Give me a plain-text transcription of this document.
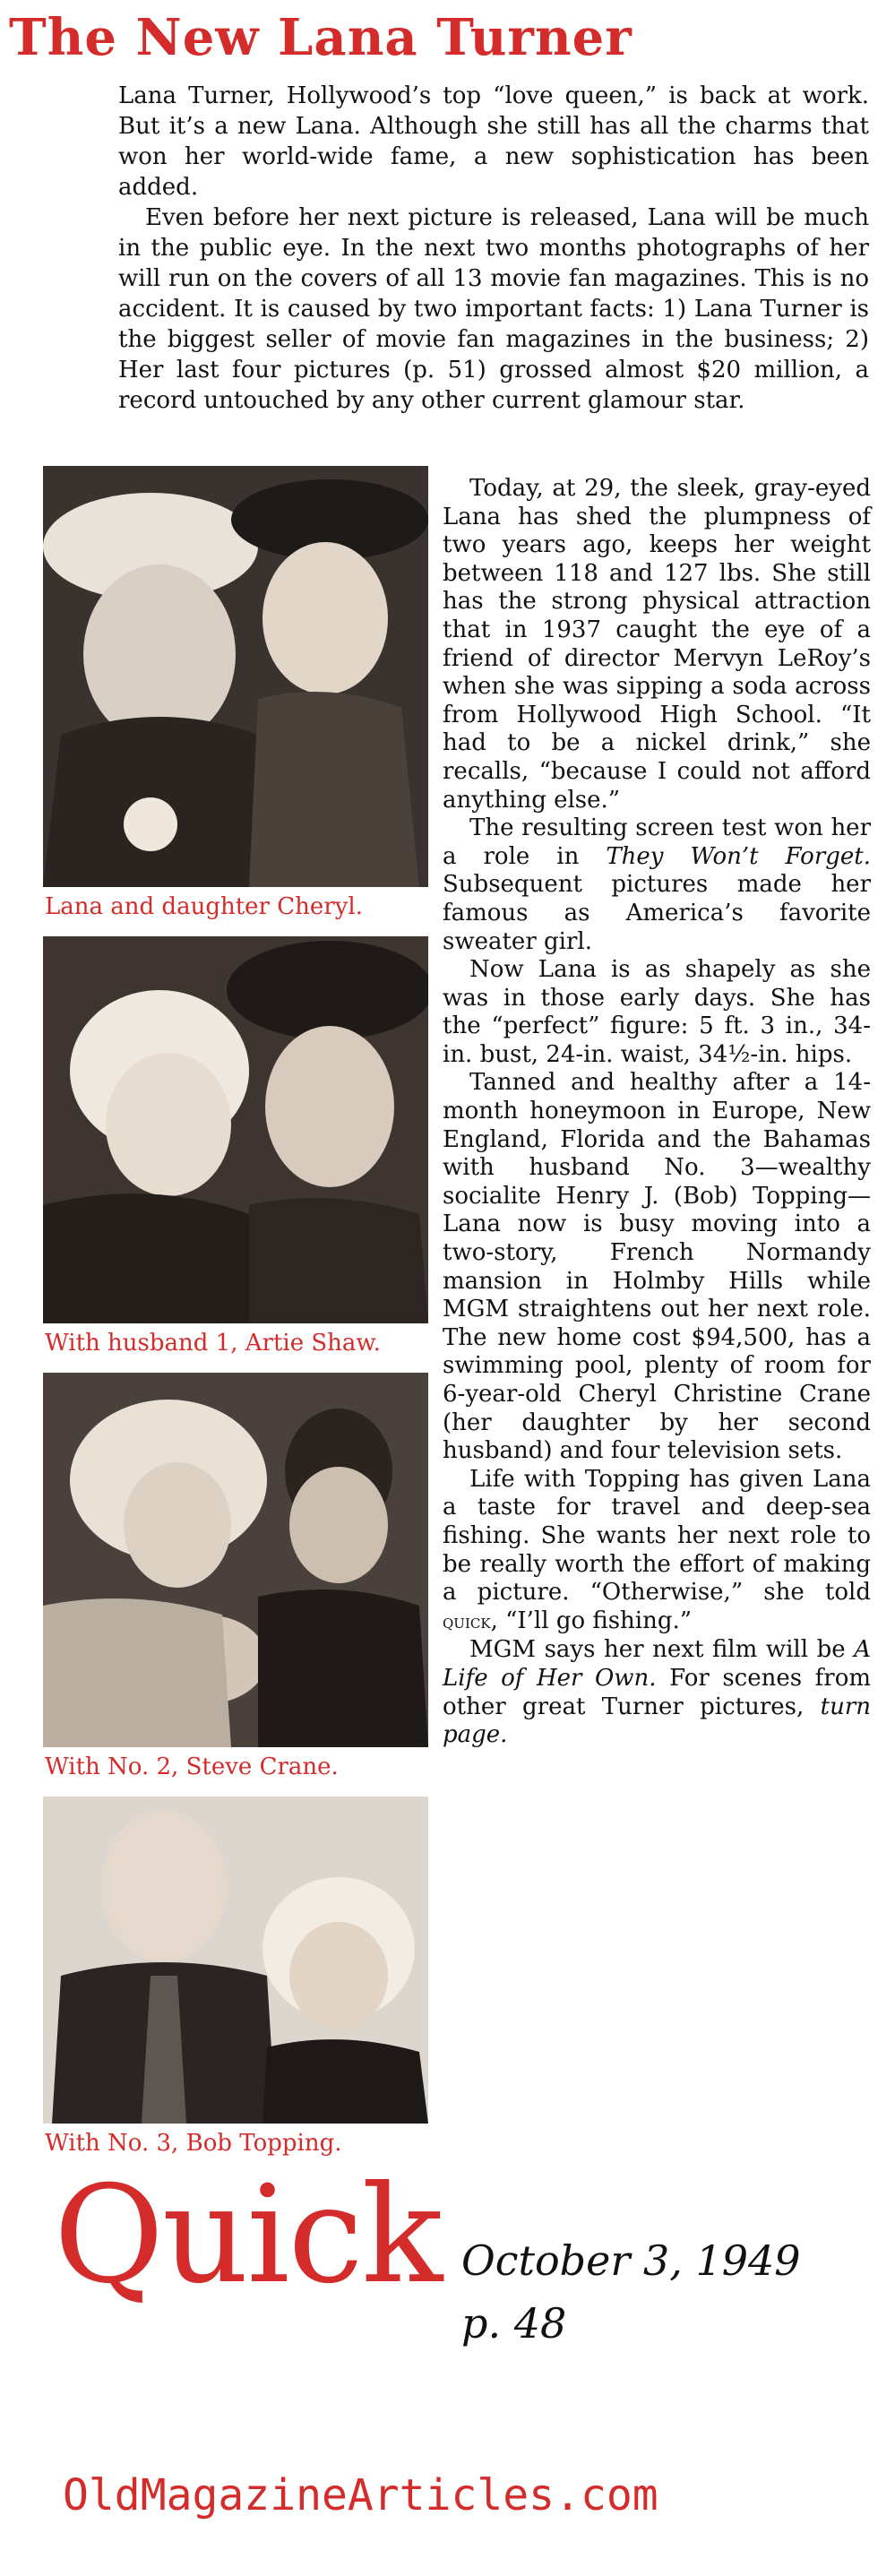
The New Lana Turner

Lana Turner, Hollywood’s top “love queen,” is back at work. But it’s a new Lana. Although she still has all the charms that won her world-wide fame, a new sophistication has been added.

Even before her next picture is released, Lana will be much in the public eye. In the next two months photographs of her will run on the covers of all 13 movie fan magazines. This is no accident. It is caused by two important facts: 1) Lana Turner is the biggest seller of movie fan magazines in the business; 2) Her last four pictures (p. 51) grossed almost $20 million, a record untouched by any other current glamour star.

Lana and daughter Cheryl.

With husband 1, Artie Shaw.

With No. 2, Steve Crane.

With No. 3, Bob Topping.

Today, at 29, the sleek, gray-eyed Lana has shed the plumpness of two years ago, keeps her weight between 118 and 127 lbs. She still has the strong physical attraction that in 1937 caught the eye of a friend of director Mervyn LeRoy’s when she was sipping a soda across from Hollywood High School. “It had to be a nickel drink,” she recalls, “because I could not afford anything else.”

The resulting screen test won her a role in They Won’t Forget. Subsequent pictures made her famous as America’s favorite sweater girl.

Now Lana is as shapely as she was in those early days. She has the “perfect” figure: 5 ft. 3 in., 34-in. bust, 24-in. waist, 34½-in. hips.

Tanned and healthy after a 14-month honeymoon in Europe, New England, Florida and the Bahamas with husband No. 3—wealthy socialite Henry J. (Bob) Topping—Lana now is busy moving into a two-story, French Normandy mansion in Holmby Hills while MGM straightens out her next role. The new home cost $94,500, has a swimming pool, plenty of room for 6-year-old Cheryl Christine Crane (her daughter by her second husband) and four television sets.

Life with Topping has given Lana a taste for travel and deep-sea fishing. She wants her next role to be really worth the effort of making a picture. “Otherwise,” she told quick, “I’ll go fishing.”

MGM says her next film will be A Life of Her Own. For scenes from other great Turner pictures, turn page.

Quick October 3, 1949
p. 48
OldMagazineArticles.com
